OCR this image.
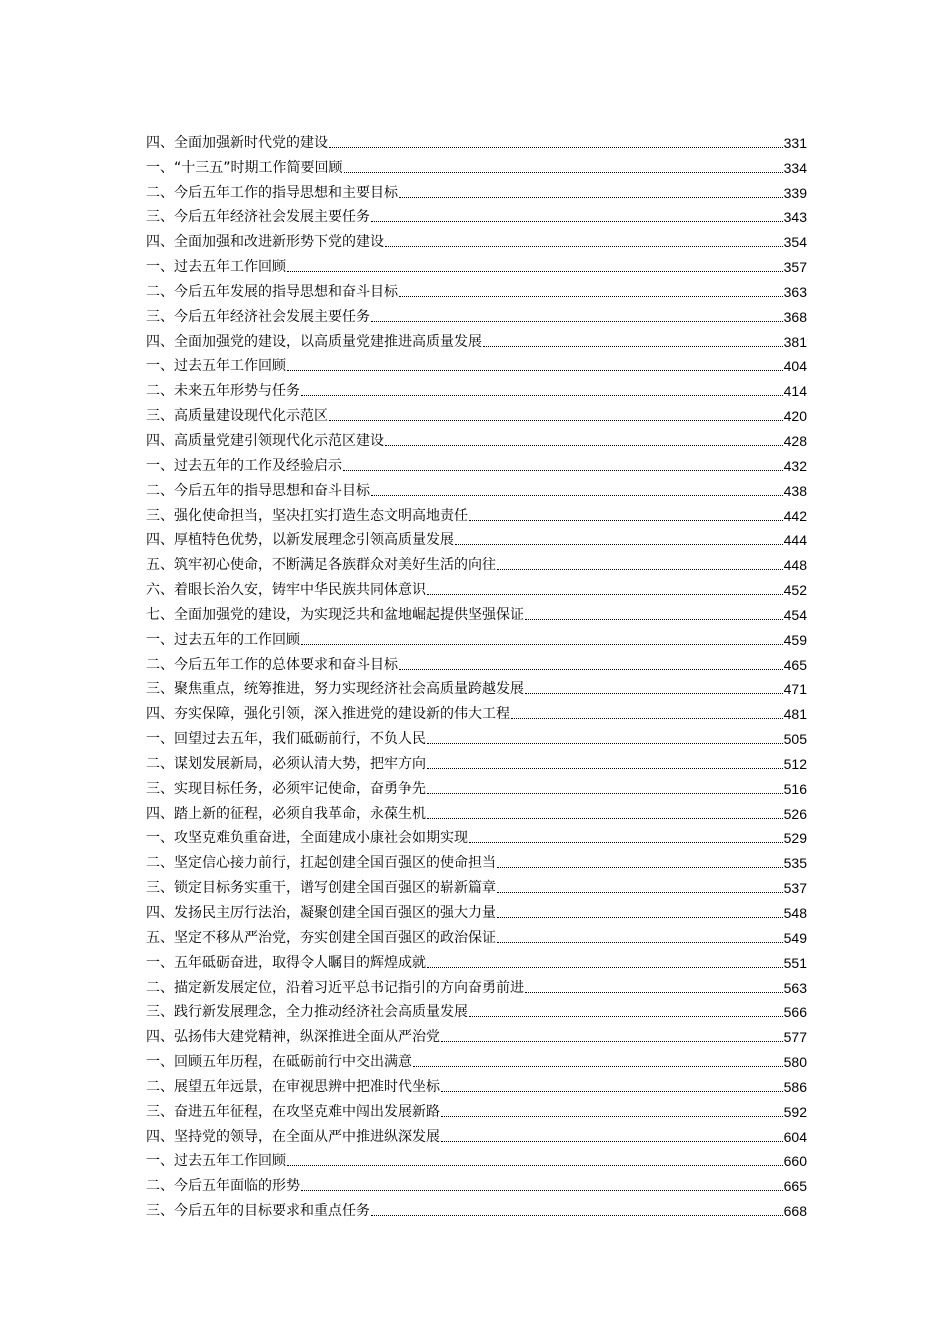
四、全面加强新时代党的建设	331
一、“十三五”时期工作简要回顾	334
二、今后五年工作的指导思想和主要目标	339
三、今后五年经济社会发展主要任务	343
四、全面加强和改进新形势下党的建设	354
一、过去五年工作回顾	357
二、今后五年发展的指导思想和奋斗目标	363
三、今后五年经济社会发展主要任务	368
四、全面加强党的建设，以高质量党建推进高质量发展	381
一、过去五年工作回顾	404
二、未来五年形势与任务	414
三、高质量建设现代化示范区	420
四、高质量党建引领现代化示范区建设	428
一、过去五年的工作及经验启示	432
二、今后五年的指导思想和奋斗目标	438
三、强化使命担当，坚决扛实打造生态文明高地责任	442
四、厚植特色优势，以新发展理念引领高质量发展	444
五、筑牢初心使命，不断满足各族群众对美好生活的向往	448
六、着眼长治久安，铸牢中华民族共同体意识	452
七、全面加强党的建设，为实现泛共和盆地崛起提供坚强保证	454
一、过去五年的工作回顾	459
二、今后五年工作的总体要求和奋斗目标	465
三、聚焦重点，统筹推进，努力实现经济社会高质量跨越发展	471
四、夯实保障，强化引领，深入推进党的建设新的伟大工程	481
一、回望过去五年，我们砥砺前行，不负人民	505
二、谋划发展新局，必须认清大势，把牢方向	512
三、实现目标任务，必须牢记使命，奋勇争先	516
四、踏上新的征程，必须自我革命，永葆生机	526
一、攻坚克难负重奋进，全面建成小康社会如期实现	529
二、坚定信心接力前行，扛起创建全国百强区的使命担当	535
三、锁定目标务实重干，谱写创建全国百强区的崭新篇章	537
四、发扬民主厉行法治，凝聚创建全国百强区的强大力量	548
五、坚定不移从严治党，夯实创建全国百强区的政治保证	549
一、五年砥砺奋进，取得令人瞩目的辉煌成就	551
二、描定新发展定位，沿着习近平总书记指引的方向奋勇前进	563
三、践行新发展理念，全力推动经济社会高质量发展	566
四、弘扬伟大建党精神，纵深推进全面从严治党	577
一、回顾五年历程，在砥砺前行中交出满意	580
二、展望五年远景，在审视思辨中把准时代坐标	586
三、奋进五年征程，在攻坚克难中闯出发展新路	592
四、坚持党的领导，在全面从严中推进纵深发展	604
一、过去五年工作回顾	660
二、今后五年面临的形势	665
三、今后五年的目标要求和重点任务	668
